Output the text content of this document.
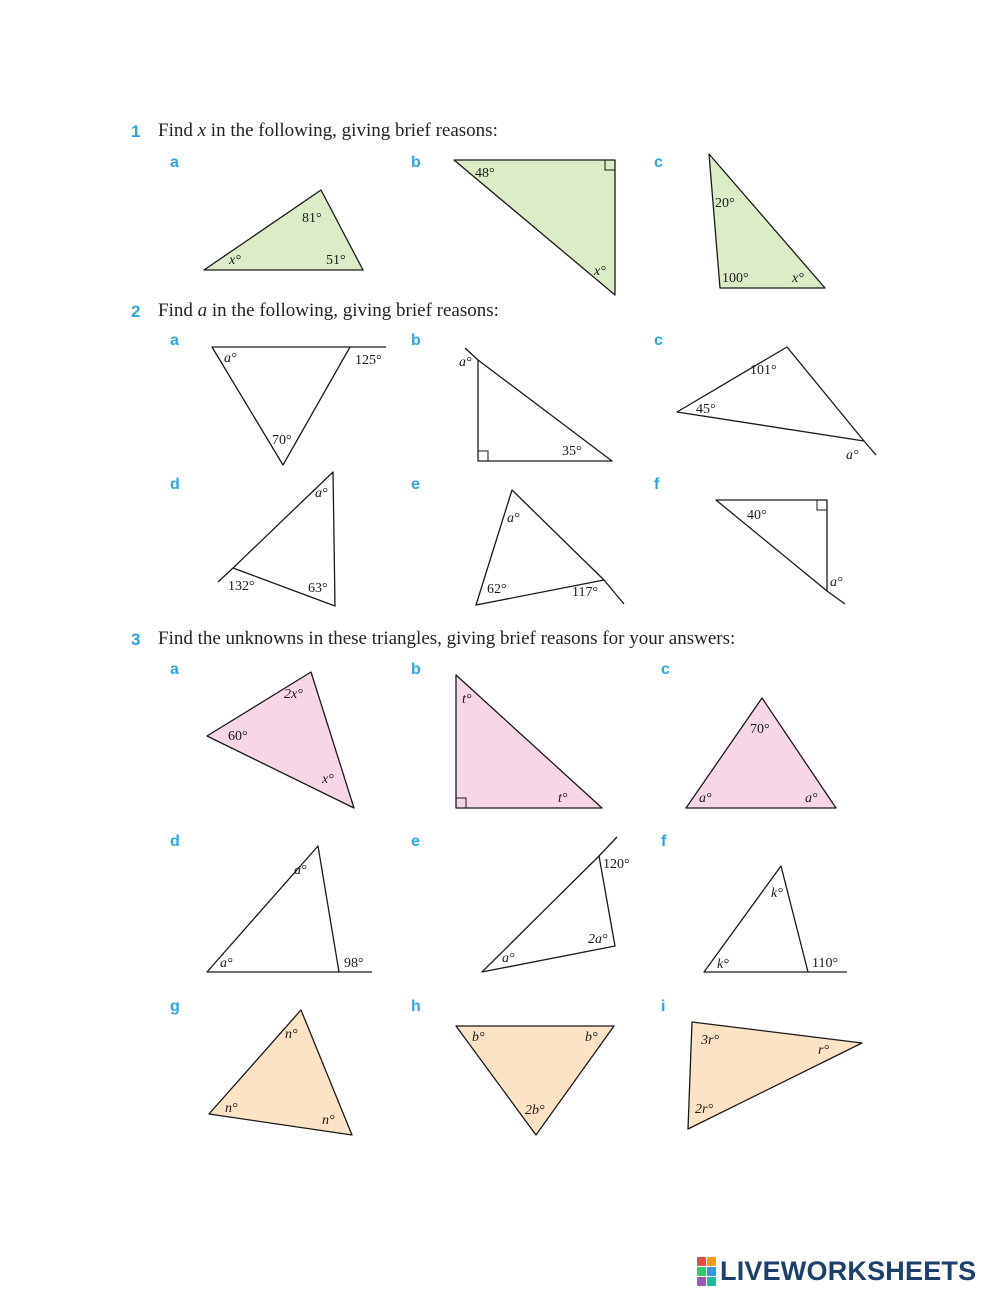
1 Find x in the following, giving brief reasons:
2 Find a in the following, giving brief reasons:
3 Find the unknowns in these triangles, giving brief reasons for your answers:
a	b	c
a	b	c
d	e	f
a	b	c
d	e	f
g	h	i
81°
x°	51°
48°
x°
20°
100°	x°
a°	125°
70°
a°
35°
101°
45°
a°
a°
132°	63°
a°
62°	117°
40°
a°
2x°
60°
x°
t°
t°
70°
a°	a°
a°
a°	98°
120°
2a°
a°
k°
k°	110°
n°
n°
n°
b°	b°
2b°
3r°
r°
2r°
LIVEWORKSHEETS
